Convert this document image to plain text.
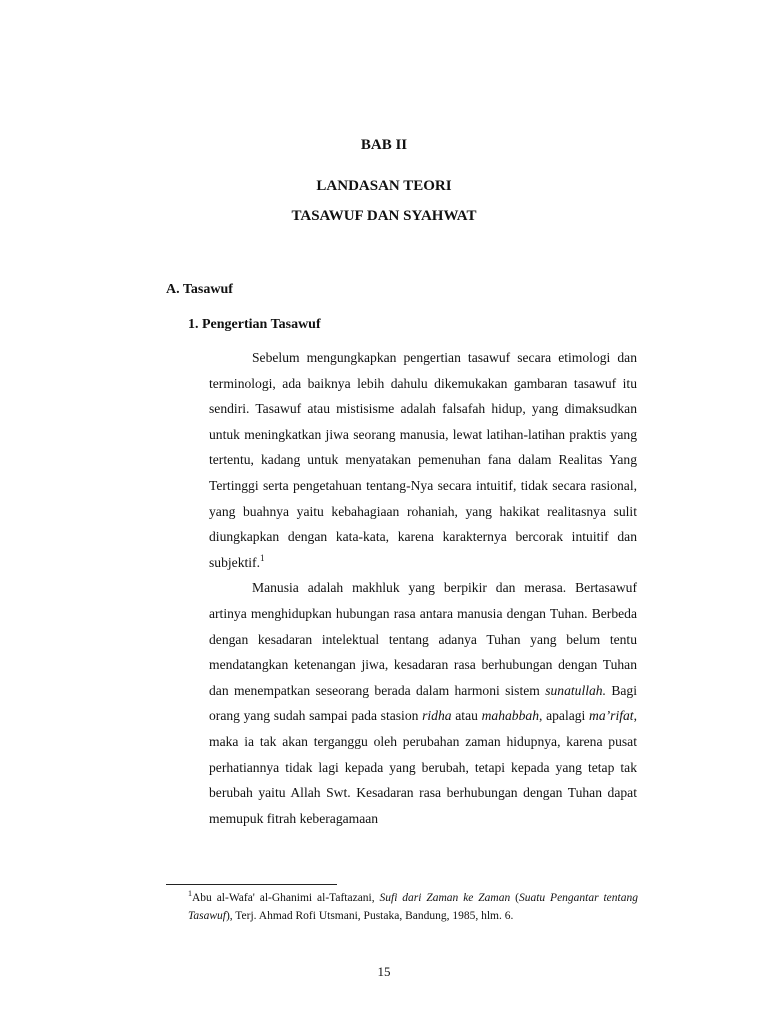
BAB II
LANDASAN TEORI
TASAWUF DAN SYAHWAT
A. Tasawuf
1. Pengertian Tasawuf

Sebelum mengungkapkan pengertian tasawuf secara etimologi dan terminologi, ada baiknya lebih dahulu dikemukakan gambaran tasawuf itu sendiri. Tasawuf atau mistisisme adalah falsafah hidup, yang dimaksudkan untuk meningkatkan jiwa seorang manusia, lewat latihan-latihan praktis yang tertentu, kadang untuk menyatakan pemenuhan fana dalam Realitas Yang Tertinggi serta pengetahuan tentang-Nya secara intuitif, tidak secara rasional, yang buahnya yaitu kebahagiaan rohaniah, yang hakikat realitasnya sulit diungkapkan dengan kata-kata, karena karakternya bercorak intuitif dan subjektif.$^1$

Manusia adalah makhluk yang berpikir dan merasa. Bertasawuf artinya menghidupkan hubungan rasa antara manusia dengan Tuhan. Berbeda dengan kesadaran intelektual tentang adanya Tuhan yang belum tentu mendatangkan ketenangan jiwa, kesadaran rasa berhubungan dengan Tuhan dan menempatkan seseorang berada dalam harmoni sistem sunatullah. Bagi orang yang sudah sampai pada stasion ridha atau mahabbah, apalagi ma’rifat, maka ia tak akan terganggu oleh perubahan zaman hidupnya, karena pusat perhatiannya tidak lagi kepada yang berubah, tetapi kepada yang tetap tak berubah yaitu Allah Swt. Kesadaran rasa berhubungan dengan Tuhan dapat memupuk fitrah keberagamaan

$^1$Abu al-Wafa' al-Ghanimi al-Taftazani, Sufi dari Zaman ke Zaman (Suatu Pengantar tentang Tasawuf), Terj. Ahmad Rofi Utsmani, Pustaka, Bandung, 1985, hlm. 6.
15
